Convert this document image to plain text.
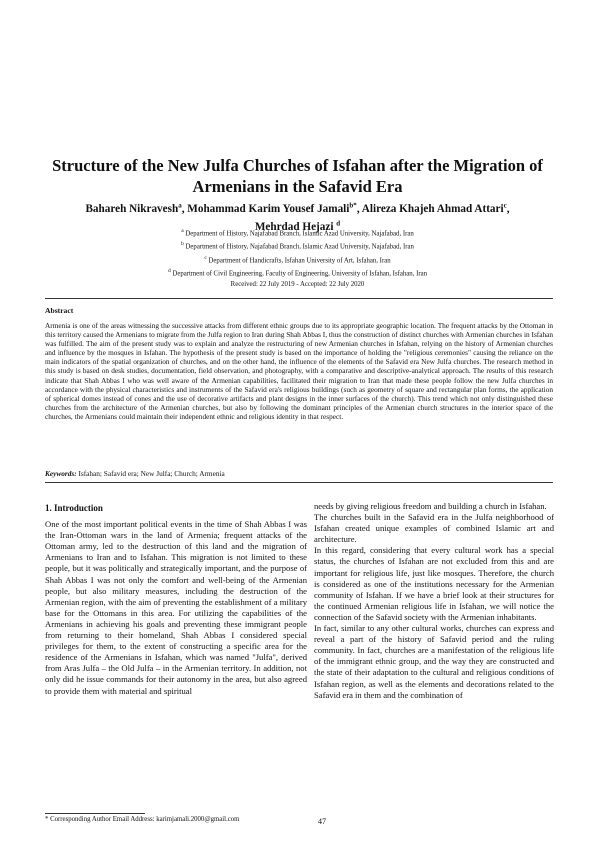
Structure of the New Julfa Churches of Isfahan after the Migration of Armenians in the Safavid Era
Bahareh Nikravesh$^a$, Mohammad Karim Yousef Jamali$^{b*}$, Alireza Khajeh Ahmad Attari$^c$,
Mehrdad Hejazi $^d$
$^a$ Department of History, Najafabad Branch, Islamic Azad University, Najafabad, Iran
$^b$ Department of History, Najafabad Branch, Islamic Azad University, Najafabad, Iran
$^c$ Department of Handicrafts, Isfahan University of Art, Isfahan, Iran
$^d$ Department of Civil Engineering, Faculty of Engineering, University of Isfahan, Isfahan, Iran
Received: 22 July 2019 - Accepted: 22 July 2020
Abstract
Armenia is one of the areas witnessing the successive attacks from different ethnic groups due to its appropriate geographic location. The frequent attacks by the Ottoman in this territory caused the Armenians to migrate from the Julfa region to Iran during Shah Abbas I, thus the construction of distinct churches with Armenian churches in Isfahan was fulfilled. The aim of the present study was to explain and analyze the restructuring of new Armenian churches in Isfahan, relying on the history of Armenian churches and influence by the mosques in Isfahan. The hypothesis of the present study is based on the importance of holding the "religious ceremonies" causing the reliance on the main indicators of the spatial organization of churches, and on the other hand, the influence of the elements of the Safavid era New Julfa churches. The research method in this study is based on desk studies, documentation, field observation, and photography, with a comparative and descriptive-analytical approach. The results of this research indicate that Shah Abbas I who was well aware of the Armenian capabilities, facilitated their migration to Iran that made these people follow the new Julfa churches in accordance with the physical characteristics and instruments of the Safavid era's religious buildings (such as geometry of square and rectangular plan forms, the application of spherical domes instead of cones and the use of decorative artifacts and plant designs in the inner surfaces of the church). This trend which not only distinguished these churches from the architecture of the Armenian churches, but also by following the dominant principles of the Armenian church structures in the interior space of the churches, the Armenians could maintain their independent ethnic and religious identity in that respect.
Keywords: Isfahan; Safavid era; New Julfa; Church; Armenia

1. Introduction

One of the most important political events in the time of Shah Abbas I was the Iran-Ottoman wars in the land of Armenia; frequent attacks of the Ottoman army, led to the destruction of this land and the migration of Armenians to Iran and to Isfahan. This migration is not limited to these people, but it was politically and strategically important, and the purpose of Shah Abbas I was not only the comfort and well-being of the Armenian people, but also military measures, including the destruction of the Armenian region, with the aim of preventing the establishment of a military base for the Ottomans in this area. For utilizing the capabilities of the Armenians in achieving his goals and preventing these immigrant people from returning to their homeland, Shah Abbas I considered special privileges for them, to the extent of constructing a specific area for the residence of the Armenians in Isfahan, which was named "Julfa", derived from Aras Julfa – the Old Julfa – in the Armenian territory. In addition, not only did he issue commands for their autonomy in the area, but also agreed to provide them with material and spiritual

needs by giving religious freedom and building a church in Isfahan.

The churches built in the Safavid era in the Julfa neighborhood of Isfahan created unique examples of combined Islamic art and architecture.

In this regard, considering that every cultural work has a special status, the churches of Isfahan are not excluded from this and are important for religious life, just like mosques. Therefore, the church is considered as one of the institutions necessary for the Armenian community of Isfahan. If we have a brief look at their structures for the continued Armenian religious life in Isfahan, we will notice the connection of the Safavid society with the Armenian inhabitants.

In fact, similar to any other cultural works, churches can express and reveal a part of the history of Safavid period and the ruling community. In fact, churches are a manifestation of the religious life of the immigrant ethnic group, and the way they are constructed and the state of their adaptation to the cultural and religious conditions of Isfahan region, as well as the elements and decorations related to the Safavid era in them and the combination of

* Corresponding Author Email Address: karimjamali.2000@gmail.com	47
